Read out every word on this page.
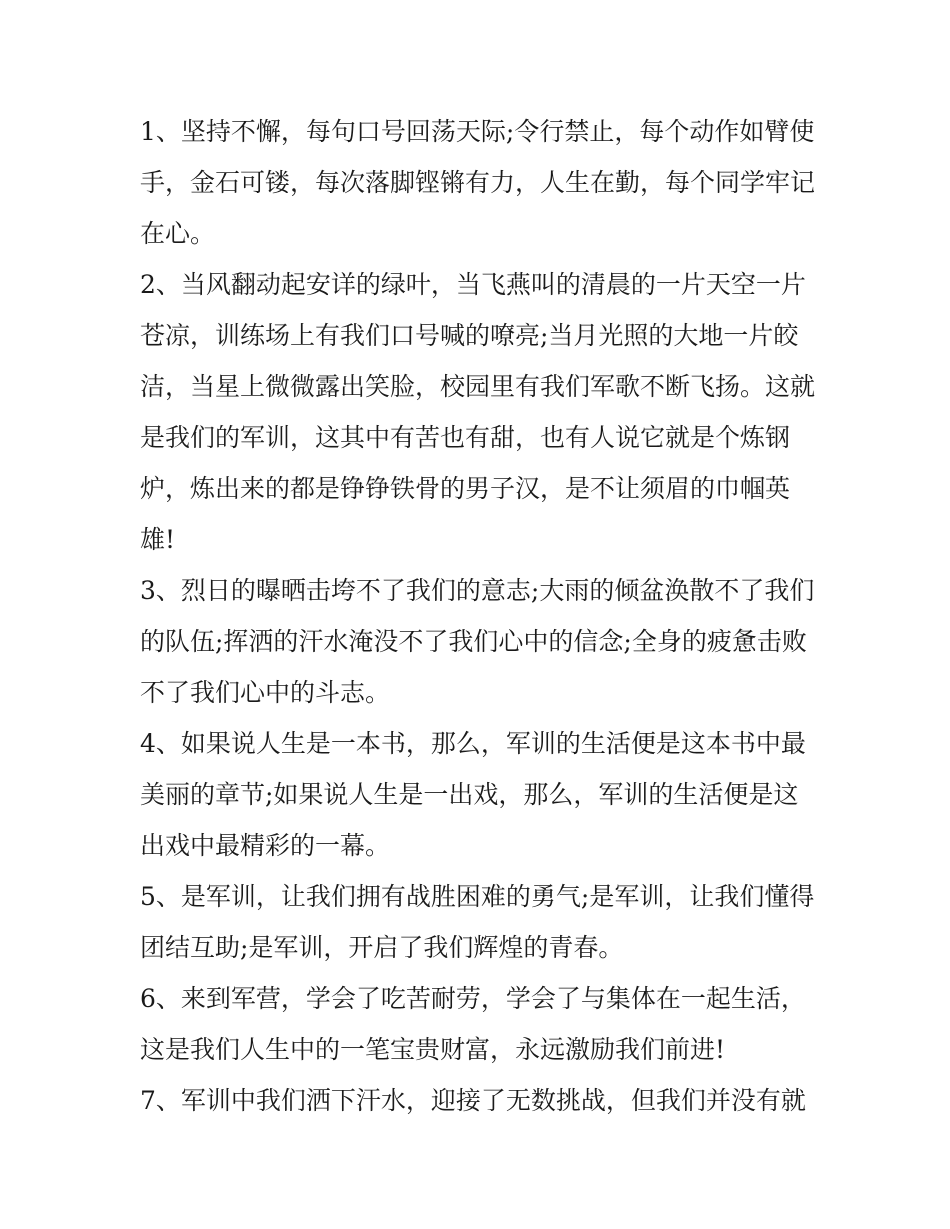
1、坚持不懈，每句口号回荡天际;令行禁止，每个动作如臂使
手，金石可镂，每次落脚铿锵有力，人生在勤，每个同学牢记
在心。

2、当风翻动起安详的绿叶，当飞燕叫的清晨的一片天空一片
苍凉，训练场上有我们口号喊的嘹亮;当月光照的大地一片皎
洁，当星上微微露出笑脸，校园里有我们军歌不断飞扬。这就
是我们的军训，这其中有苦也有甜，也有人说它就是个炼钢
炉，炼出来的都是铮铮铁骨的男子汉，是不让须眉的巾帼英
雄!

3、烈日的曝晒击垮不了我们的意志;大雨的倾盆涣散不了我们
的队伍;挥洒的汗水淹没不了我们心中的信念;全身的疲惫击败
不了我们心中的斗志。

4、如果说人生是一本书，那么，军训的生活便是这本书中最
美丽的章节;如果说人生是一出戏，那么，军训的生活便是这
出戏中最精彩的一幕。

5、是军训，让我们拥有战胜困难的勇气;是军训，让我们懂得
团结互助;是军训，开启了我们辉煌的青春。

6、来到军营，学会了吃苦耐劳，学会了与集体在一起生活，
这是我们人生中的一笔宝贵财富，永远激励我们前进!

7、军训中我们洒下汗水，迎接了无数挑战，但我们并没有就
